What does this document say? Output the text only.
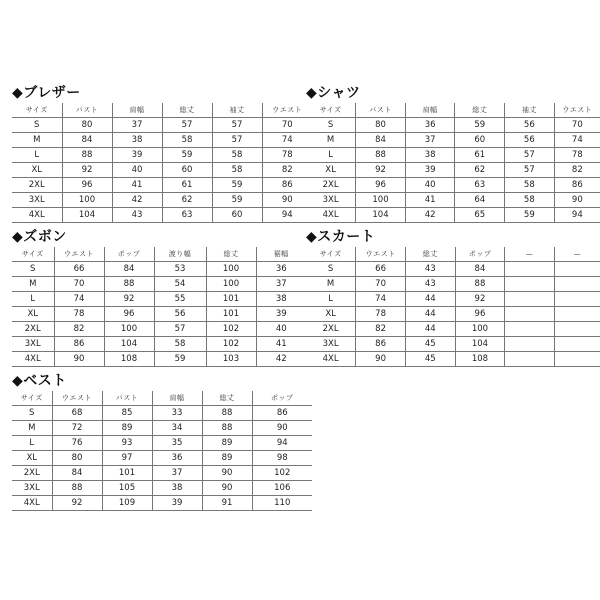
◆ブレザー
サイズ	バスト	肩幅	総丈	袖丈	ウエスト
S	80	37	57	57	70
M	84	38	58	57	74
L	88	39	59	58	78
XL	92	40	60	58	82
2XL	96	41	61	59	86
3XL	100	42	62	59	90
4XL	104	43	63	60	94
◆シャツ
サイズ	バスト	肩幅	総丈	袖丈	ウエスト
S	80	36	59	56	70
M	84	37	60	56	74
L	88	38	61	57	78
XL	92	39	62	57	82
2XL	96	40	63	58	86
3XL	100	41	64	58	90
4XL	104	42	65	59	94
◆ズボン
サイズ	ウエスト	ポップ	渡り幅	総丈	裾幅
S	66	84	53	100	36
M	70	88	54	100	37
L	74	92	55	101	38
XL	78	96	56	101	39
2XL	82	100	57	102	40
3XL	86	104	58	102	41
4XL	90	108	59	103	42
◆スカート
サイズ	ウエスト	総丈	ポップ	—	—
S	66	43	84		
M	70	43	88		
L	74	44	92		
XL	78	44	96		
2XL	82	44	100		
3XL	86	45	104		
4XL	90	45	108		
◆ベスト
サイズ	ウエスト	バスト	肩幅	総丈	ポップ
S	68	85	33	88	86
M	72	89	34	88	90
L	76	93	35	89	94
XL	80	97	36	89	98
2XL	84	101	37	90	102
3XL	88	105	38	90	106
4XL	92	109	39	91	110
